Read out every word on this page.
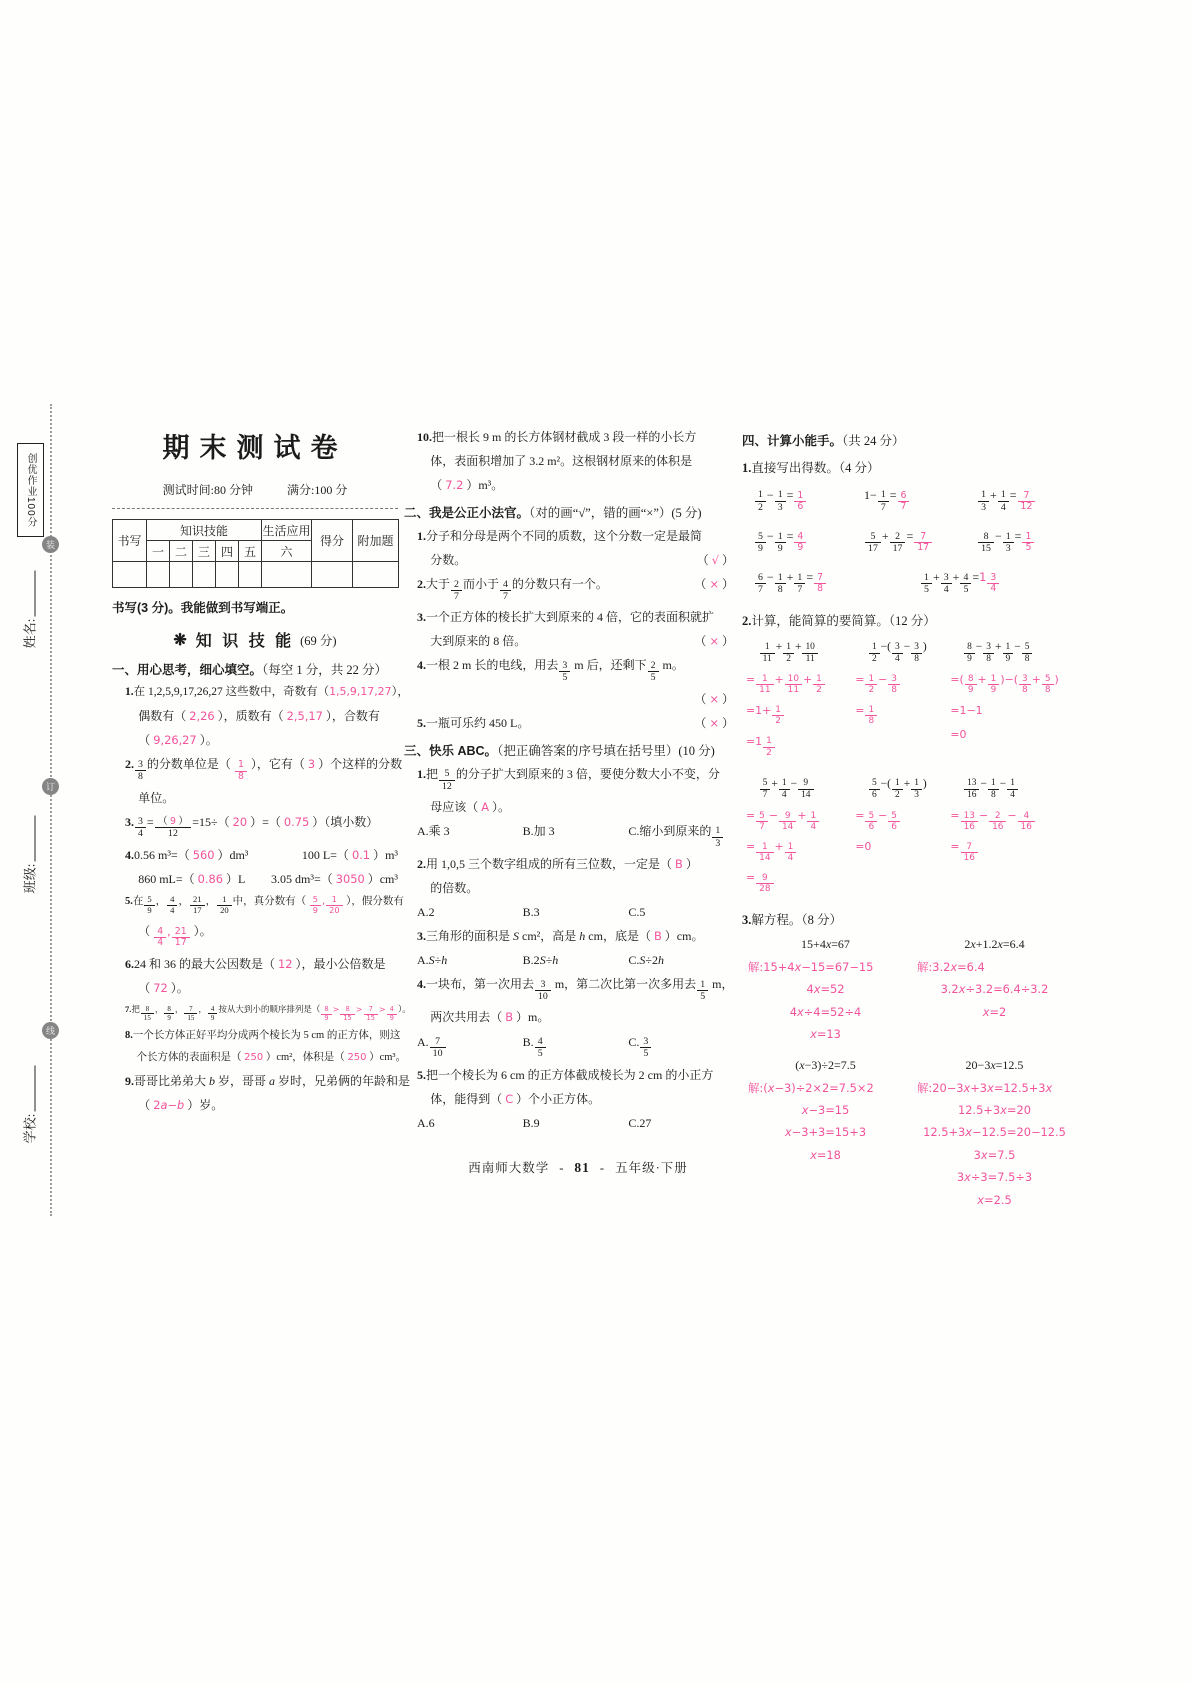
创优作业100分
装
订
线
姓名:
班级:
学校:
期末测试卷
测试时间:80 分钟	满分:100 分
书写	知识技能					生活应用	得分	附加题
	一	二	三	四	五	六		

书写(3 分)。我能做到书写端正。
❋ 知 识 技 能 (69 分)
一、用心思考，细心填空。（每空 1 分，共 22 分）
1.在 1,2,5,9,17,26,27 这些数中，奇数有（1,5,9,17,27），
偶数有（ 2,26 ），质数有（ 2,5,17 ），合数有
（ 9,26,27 ）。
2. $\frac{3}{8}$ 的分数单位是（ $\frac{1}{8}$ ），它有（ 3 ）个这样的分数
单位。
3. $\frac{3}{4} = \frac{( 9 )}{12} =15\div$（ 20 ）=（ 0.75 ）（填小数）
4.0.56 m³=（ 560 ）dm³	100 L=（ 0.1 ）m³
860 mL=（ 0.86 ）L 3.05 dm³=（ 3050 ）cm³
5.在 $\frac{5}{9}$ ， $\frac{4}{4}$ ， $\frac{21}{17}$ ， $\frac{1}{20}$ 中，真分数有（ $\frac{5}{9}$ , $\frac{1}{20}$ ），假分数有
（ $\frac{4}{4}$ , $\frac{21}{17}$ ）。
6.24 和 36 的最大公因数是（ 12 ），最小公倍数是
（ 72 ）。
7.把 $\frac{8}{15}$ ， $\frac{8}{9}$ ， $\frac{7}{15}$ ， $\frac{4}{9}$ 按从大到小的顺序排列是（ $\frac{8}{9} > \frac{8}{15} > \frac{7}{15} > \frac{4}{9}$ ）。
8.一个长方体正好平均分成两个棱长为 5 cm 的正方体，则这
个长方体的表面积是（ 250 ）cm²，体积是（ 250 ）cm³。
9.哥哥比弟弟大 b 岁，哥哥 a 岁时，兄弟俩的年龄和是
（ 2a−b ）岁。
10.把一根长 9 m 的长方体钢材截成 3 段一样的小长方
体，表面积增加了 3.2 m²。这根钢材原来的体积是
（ 7.2 ）m³。
二、我是公正小法官。（对的画“√”，错的画“×”）(5 分)
1.分子和分母是两个不同的质数，这个分数一定是最简
分数。	（ √ ）
2.大于 $\frac{2}{7}$ 而小于 $\frac{4}{7}$ 的分数只有一个。	（ × ）
3.一个正方体的棱长扩大到原来的 4 倍，它的表面积就扩
大到原来的 8 倍。	（ × ）
4.一根 2 m 长的电线，用去 $\frac{3}{5}$ m 后，还剩下 $\frac{2}{5}$ m。
（ × ）
5.一瓶可乐约 450 L。	（ × ）
三、快乐 ABC。（把正确答案的序号填在括号里）(10 分)
1.把 $\frac{5}{12}$ 的分子扩大到原来的 3 倍，要使分数大小不变，分
母应该（ A ）。
A.乘 3	B.加 3	C.缩小到原来的 $\frac{1}{3}$
2.用 1,0,5 三个数字组成的所有三位数，一定是（ B ）
的倍数。
A.2	B.3	C.5
3.三角形的面积是 S cm²，高是 h cm，底是（ B ）cm。
A.S÷h	B.2S÷h	C.S÷2h
4.一块布，第一次用去 $\frac{3}{10}$ m，第二次比第一次多用去 $\frac{1}{5}$ m，
两次共用去（ B ）m。
A. $\frac{7}{10}$	B. $\frac{4}{5}$	C. $\frac{3}{5}$
5.把一个棱长为 6 cm 的正方体截成棱长为 2 cm 的小正方
体，能得到（ C ）个小正方体。
A.6	B.9	C.27
四、计算小能手。（共 24 分）
1.直接写出得数。（4 分）
$\frac{1}{2} - \frac{1}{3} = \frac{1}{6}$	$1- \frac{1}{7} = \frac{6}{7}$	$\frac{1}{3} + \frac{1}{4} = \frac{7}{12}$
$\frac{5}{9} - \frac{1}{9} = \frac{4}{9}$	$\frac{5}{17} + \frac{2}{17} = \frac{7}{17}$	$\frac{8}{15} - \frac{1}{3} = \frac{1}{5}$
$\frac{6}{7} - \frac{1}{8} + \frac{1}{7} = \frac{7}{8}$	$\frac{1}{5} + \frac{3}{4} + \frac{4}{5} =1 \frac{3}{4}$
2.计算，能简算的要简算。（12 分）
$\frac{1}{11} + \frac{1}{2} + \frac{10}{11}$
= $\frac{1}{11} + \frac{10}{11} + \frac{1}{2}$
$=1+ \frac{1}{2}$
$=1 \frac{1}{2}$
$\frac{1}{2}$ −( $\frac{3}{4} - \frac{3}{8}$ )
= $\frac{1}{2} - \frac{3}{8}$
= $\frac{1}{8}$
$\frac{8}{9} - \frac{3}{8} + \frac{1}{9} - \frac{5}{8}$
=( $\frac{8}{9} + \frac{1}{9}$ )−( $\frac{3}{8} + \frac{5}{8}$ )
=1−1
=0
$\frac{5}{7} + \frac{1}{4} - \frac{9}{14}$
= $\frac{5}{7} - \frac{9}{14} + \frac{1}{4}$
= $\frac{1}{14} + \frac{1}{4}$
= $\frac{9}{28}$
$\frac{5}{6}$ −( $\frac{1}{2} + \frac{1}{3}$ )
= $\frac{5}{6} - \frac{5}{6}$
=0
$\frac{13}{16} - \frac{1}{8} - \frac{1}{4}$
= $\frac{13}{16} - \frac{2}{16} - \frac{4}{16}$
= $\frac{7}{16}$
3.解方程。（8 分）
15+4x=67
解:15+4x−15=67−15
4x=52
4x÷4=52÷4
x=13
2x+1.2x=6.4
解:3.2x=6.4
3.2x÷3.2=6.4÷3.2
x=2
(x−3)÷2=7.5
解:(x−3)÷2×2=7.5×2
x−3=15
x−3+3=15+3
x=18
20−3x=12.5
解:20−3x+3x=12.5+3x
12.5+3x=20
12.5+3x−12.5=20−12.5
3x=7.5
3x÷3=7.5÷3
x=2.5
西南师大数学 - 81 - 五年级·下册
